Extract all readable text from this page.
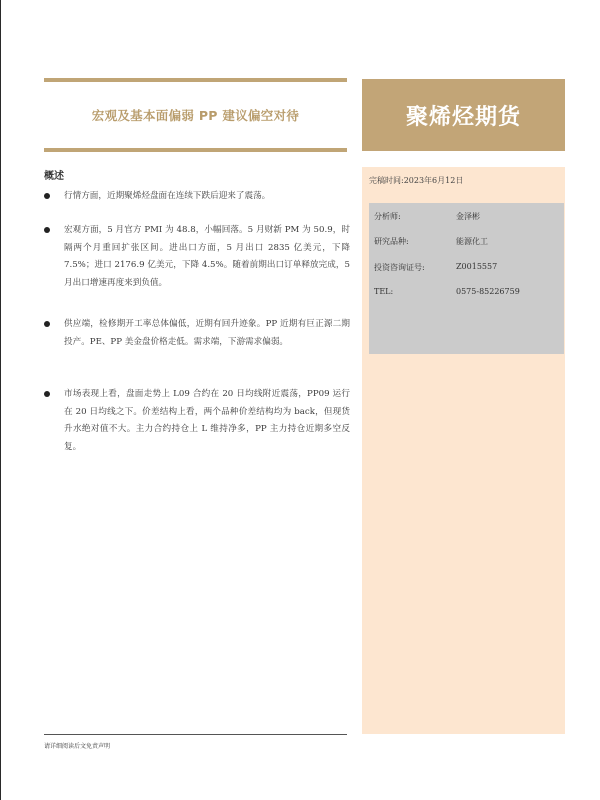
宏观及基本面偏弱 PP 建议偏空对待	聚烯烃期货
完稿时间:2023年6月12日
分析师:	金泽彬
研究品种:	能源化工
投资咨询证号:	Z0015557
TEL:	0575-85226759
概述
行情方面，近期聚烯烃盘面在连续下跌后迎来了震荡。
宏观方面，5 月官方 PMI 为 48.8，小幅回落。5 月财新 PM 为 50.9，时隔两个月重回扩张区间。进出口方面，5 月出口 2835 亿美元，下降 7.5%；进口 2176.9 亿美元，下降 4.5%。随着前期出口订单释放完成，5 月出口增速再度来到负值。
供应端，检修期开工率总体偏低，近期有回升迹象。PP 近期有巨正源二期投产。PE、PP 美金盘价格走低。需求端，下游需求偏弱。
市场表现上看，盘面走势上 L09 合约在 20 日均线附近震荡，PP09 运行在 20 日均线之下。价差结构上看，两个品种价差结构均为 back，但现货升水绝对值不大。主力合约持仓上 L 维持净多，PP 主力持仓近期多空反复。
请详细阅读后文免责声明
